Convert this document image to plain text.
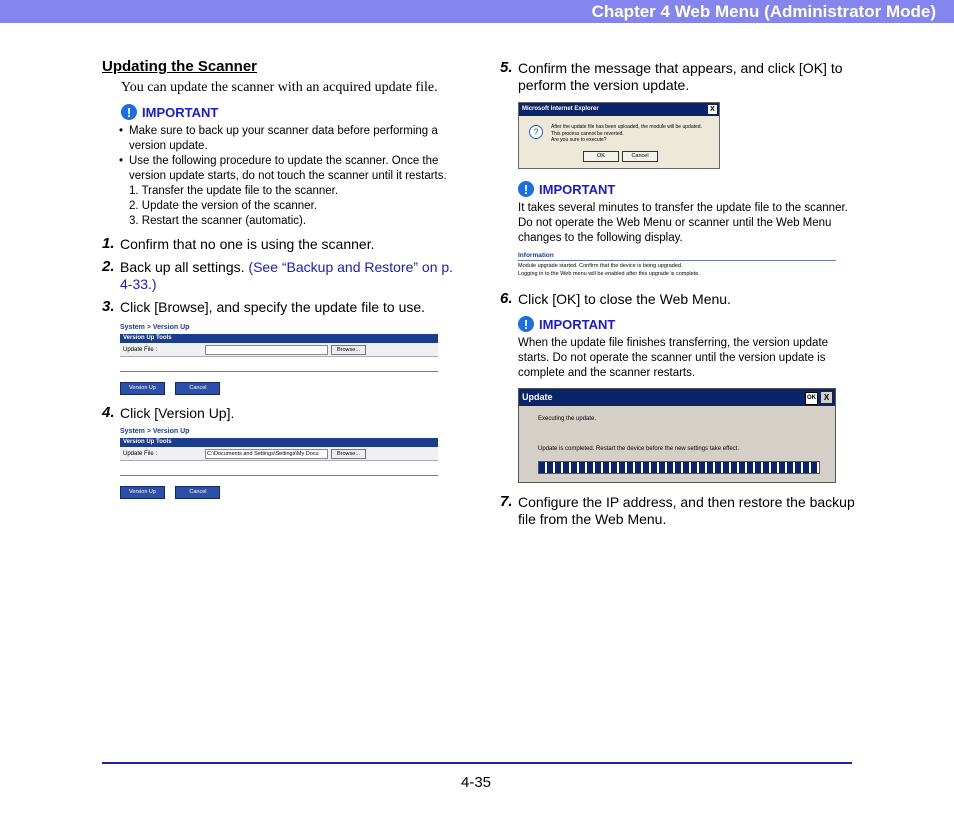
Chapter 4 Web Menu (Administrator Mode)
Updating the Scanner
You can update the scanner with an acquired update file.
! IMPORTANT
• Make sure to back up your scanner data before performing a version update.
• Use the following procedure to update the scanner. Once the version update starts, do not touch the scanner until it restarts.
1. Transfer the update file to the scanner.
2. Update the version of the scanner.
3. Restart the scanner (automatic).
1. Confirm that no one is using the scanner.
2. Back up all settings. (See “Backup and Restore” on p. 4-33.)
3. Click [Browse], and specify the update file to use.
System > Version Up
Version Up Tools
Update File :	Browse...
Version Up	Cancel
4. Click [Version Up].
System > Version Up
Version Up Tools
Update File :	C:\Documents and Settings\Settings\My Docu	Browse...
Version Up	Cancel
5. Confirm the message that appears, and click [OK] to perform the version update.
Microsoft Internet Explorer	X
?	After the update file has been uploaded, the module will be updated.
This process cannot be reverted.
Are you sure to execute?
OK	Cancel
! IMPORTANT
It takes several minutes to transfer the update file to the scanner. Do not operate the Web Menu or scanner until the Web Menu changes to the following display.
Information
Module upgrade started. Confirm that the device is being upgraded.
Logging in to the Web menu will be enabled after this upgrade is complete.
6. Click [OK] to close the Web Menu.
! IMPORTANT
When the update file finishes transferring, the version update starts. Do not operate the scanner until the version update is complete and the scanner restarts.
Update	OK X
Executing the update.
Update is completed. Restart the device before the new settings take effect.
7. Configure the IP address, and then restore the backup file from the Web Menu.
4-35
